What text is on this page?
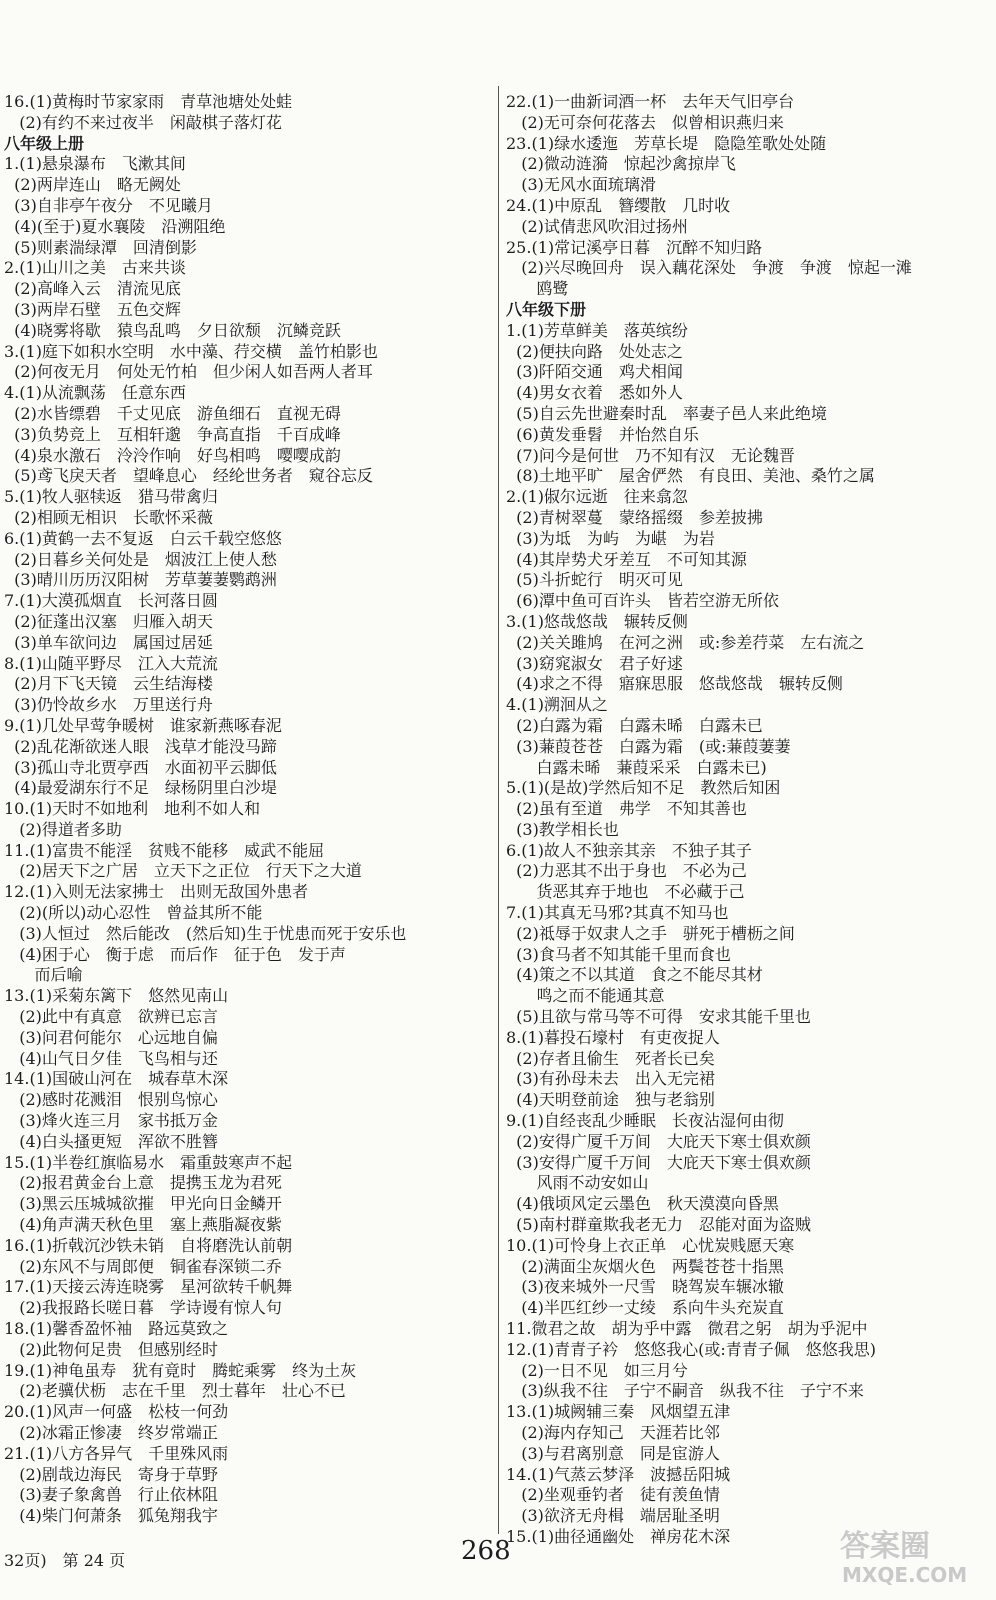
16.(1)黄梅时节家家雨　青草池塘处处蛙
(2)有约不来过夜半　闲敲棋子落灯花
八年级上册
1.(1)悬泉瀑布　飞漱其间
(2)两岸连山　略无阙处
(3)自非亭午夜分　不见曦月
(4)(至于)夏水襄陵　沿溯阻绝
(5)则素湍绿潭　回清倒影
2.(1)山川之美　古来共谈
(2)高峰入云　清流见底
(3)两岸石壁　五色交辉
(4)晓雾将歇　猿鸟乱鸣　夕日欲颓　沉鳞竞跃
3.(1)庭下如积水空明　水中藻、荇交横　盖竹柏影也
(2)何夜无月　何处无竹柏　但少闲人如吾两人者耳
4.(1)从流飘荡　任意东西
(2)水皆缥碧　千丈见底　游鱼细石　直视无碍
(3)负势竞上　互相轩邈　争高直指　千百成峰
(4)泉水激石　泠泠作响　好鸟相鸣　嘤嘤成韵
(5)鸢飞戾天者　望峰息心　经纶世务者　窥谷忘反
5.(1)牧人驱犊返　猎马带禽归
(2)相顾无相识　长歌怀采薇
6.(1)黄鹤一去不复返　白云千载空悠悠
(2)日暮乡关何处是　烟波江上使人愁
(3)晴川历历汉阳树　芳草萋萋鹦鹉洲
7.(1)大漠孤烟直　长河落日圆
(2)征蓬出汉塞　归雁入胡天
(3)单车欲问边　属国过居延
8.(1)山随平野尽　江入大荒流
(2)月下飞天镜　云生结海楼
(3)仍怜故乡水　万里送行舟
9.(1)几处早莺争暖树　谁家新燕啄春泥
(2)乱花渐欲迷人眼　浅草才能没马蹄
(3)孤山寺北贾亭西　水面初平云脚低
(4)最爱湖东行不足　绿杨阴里白沙堤
10.(1)天时不如地利　地利不如人和
(2)得道者多助
11.(1)富贵不能淫　贫贱不能移　威武不能屈
(2)居天下之广居　立天下之正位　行天下之大道
12.(1)入则无法家拂士　出则无敌国外患者
(2)(所以)动心忍性　曾益其所不能
(3)人恒过　然后能改　(然后知)生于忧患而死于安乐也
(4)困于心　衡于虑　而后作　征于色　发于声
而后喻
13.(1)采菊东篱下　悠然见南山
(2)此中有真意　欲辨已忘言
(3)问君何能尔　心远地自偏
(4)山气日夕佳　飞鸟相与还
14.(1)国破山河在　城春草木深
(2)感时花溅泪　恨别鸟惊心
(3)烽火连三月　家书抵万金
(4)白头搔更短　浑欲不胜簪
15.(1)半卷红旗临易水　霜重鼓寒声不起
(2)报君黄金台上意　提携玉龙为君死
(3)黑云压城城欲摧　甲光向日金鳞开
(4)角声满天秋色里　塞上燕脂凝夜紫
16.(1)折戟沉沙铁未销　自将磨洗认前朝
(2)东风不与周郎便　铜雀春深锁二乔
17.(1)天接云涛连晓雾　星河欲转千帆舞
(2)我报路长嗟日暮　学诗谩有惊人句
18.(1)馨香盈怀袖　路远莫致之
(2)此物何足贵　但感别经时
19.(1)神龟虽寿　犹有竟时　腾蛇乘雾　终为土灰
(2)老骥伏枥　志在千里　烈士暮年　壮心不已
20.(1)风声一何盛　松枝一何劲
(2)冰霜正惨凄　终岁常端正
21.(1)八方各异气　千里殊风雨
(2)剧哉边海民　寄身于草野
(3)妻子象禽兽　行止依林阻
(4)柴门何萧条　狐兔翔我宇
22.(1)一曲新词酒一杯　去年天气旧亭台
(2)无可奈何花落去　似曾相识燕归来
23.(1)绿水逶迤　芳草长堤　隐隐笙歌处处随
(2)微动涟漪　惊起沙禽掠岸飞
(3)无风水面琉璃滑
24.(1)中原乱　簪缨散　几时收
(2)试倩悲风吹泪过扬州
25.(1)常记溪亭日暮　沉醉不知归路
(2)兴尽晚回舟　误入藕花深处　争渡　争渡　惊起一滩
鸥鹭
八年级下册
1.(1)芳草鲜美　落英缤纷
(2)便扶向路　处处志之
(3)阡陌交通　鸡犬相闻
(4)男女衣着　悉如外人
(5)自云先世避秦时乱　率妻子邑人来此绝境
(6)黄发垂髫　并怡然自乐
(7)问今是何世　乃不知有汉　无论魏晋
(8)土地平旷　屋舍俨然　有良田、美池、桑竹之属
2.(1)俶尔远逝　往来翕忽
(2)青树翠蔓　蒙络摇缀　参差披拂
(3)为坻　为屿　为嵁　为岩
(4)其岸势犬牙差互　不可知其源
(5)斗折蛇行　明灭可见
(6)潭中鱼可百许头　皆若空游无所依
3.(1)悠哉悠哉　辗转反侧
(2)关关雎鸠　在河之洲　或:参差荇菜　左右流之
(3)窈窕淑女　君子好逑
(4)求之不得　寤寐思服　悠哉悠哉　辗转反侧
4.(1)溯洄从之
(2)白露为霜　白露未晞　白露未已
(3)蒹葭苍苍　白露为霜　(或:蒹葭萋萋
白露未晞　蒹葭采采　白露未已)
5.(1)(是故)学然后知不足　教然后知困
(2)虽有至道　弗学　不知其善也
(3)教学相长也
6.(1)故人不独亲其亲　不独子其子
(2)力恶其不出于身也　不必为己
货恶其弃于地也　不必藏于己
7.(1)其真无马邪?其真不知马也
(2)祗辱于奴隶人之手　骈死于槽枥之间
(3)食马者不知其能千里而食也
(4)策之不以其道　食之不能尽其材
鸣之而不能通其意
(5)且欲与常马等不可得　安求其能千里也
8.(1)暮投石壕村　有吏夜捉人
(2)存者且偷生　死者长已矣
(3)有孙母未去　出入无完裙
(4)天明登前途　独与老翁别
9.(1)自经丧乱少睡眠　长夜沾湿何由彻
(2)安得广厦千万间　大庇天下寒士俱欢颜
(3)安得广厦千万间　大庇天下寒士俱欢颜
风雨不动安如山
(4)俄顷风定云墨色　秋天漠漠向昏黑
(5)南村群童欺我老无力　忍能对面为盗贼
10.(1)可怜身上衣正单　心忧炭贱愿天寒
(2)满面尘灰烟火色　两鬓苍苍十指黑
(3)夜来城外一尺雪　晓驾炭车辗冰辙
(4)半匹红纱一丈绫　系向牛头充炭直
11.微君之故　胡为乎中露　微君之躬　胡为乎泥中
12.(1)青青子衿　悠悠我心(或:青青子佩　悠悠我思)
(2)一日不见　如三月兮
(3)纵我不往　子宁不嗣音　纵我不往　子宁不来
13.(1)城阙辅三秦　风烟望五津
(2)海内存知己　天涯若比邻
(3)与君离别意　同是宦游人
14.(1)气蒸云梦泽　波撼岳阳城
(2)坐观垂钓者　徒有羡鱼情
(3)欲济无舟楫　端居耻圣明
15.(1)曲径通幽处　禅房花木深
32页)　第 24 页	268	答案圈
MXQE.COM
